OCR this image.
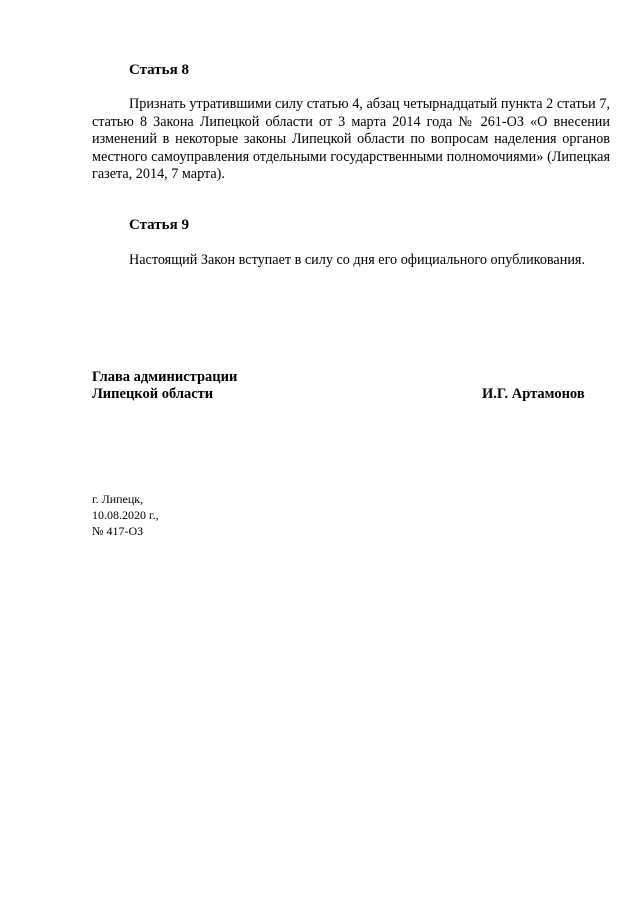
Статья 8
Признать утратившими силу статью 4, абзац четырнадцатый пункта 2 статьи 7, статью 8 Закона Липецкой области от 3 марта 2014 года № 261-ОЗ «О внесении изменений в некоторые законы Липецкой области по вопросам наделения органов местного самоуправления отдельными государственными полномочиями» (Липецкая газета, 2014, 7 марта).
Статья 9
Настоящий Закон вступает в силу со дня его официального опубликования.
Глава администрации
Липецкой области	И.Г. Артамонов
г. Липецк,
10.08.2020 г.,
№ 417-ОЗ
